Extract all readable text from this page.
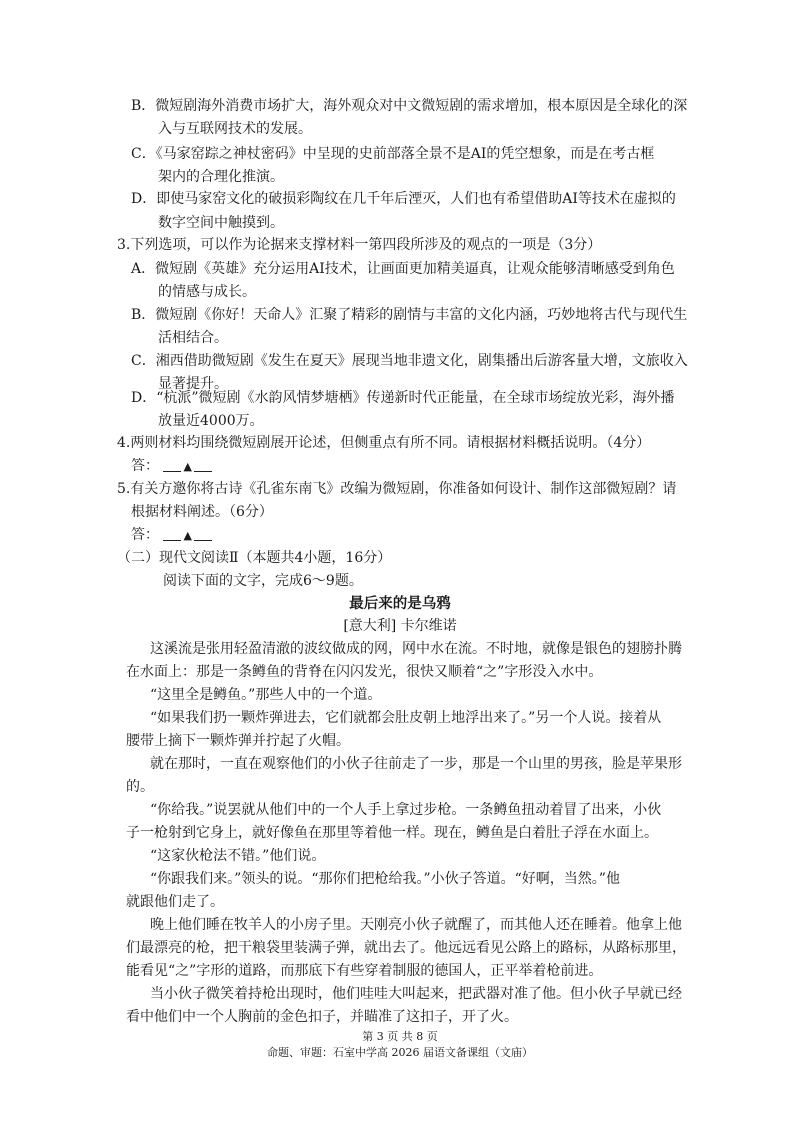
B．微短剧海外消费市场扩大，海外观众对中文微短剧的需求增加，根本原因是全球化的深
入与互联网技术的发展。
C．《马家窑踪之神杖密码》中呈现的史前部落全景不是AI的凭空想象，而是在考古框
架内的合理化推演。
D．即使马家窑文化的破损彩陶纹在几千年后湮灭，人们也有希望借助AI等技术在虚拟的
数字空间中触摸到。
3.下列选项，可以作为论据来支撑材料一第四段所涉及的观点的一项是（3分）
A．微短剧《英雄》充分运用AI技术，让画面更加精美逼真，让观众能够清晰感受到角色
的情感与成长。
B．微短剧《你好！天命人》汇聚了精彩的剧情与丰富的文化内涵，巧妙地将古代与现代生
活相结合。
C．湘西借助微短剧《发生在夏天》展现当地非遗文化，剧集播出后游客量大增，文旅收入
显著提升。
D．“杭派”微短剧《水韵风情梦塘栖》传递新时代正能量，在全球市场绽放光彩，海外播
放量近4000万。
4.两则材料均围绕微短剧展开论述，但侧重点有所不同。请根据材料概括说明。（4分）
答： ▲
5.有关方邀你将古诗《孔雀东南飞》改编为微短剧，你准备如何设计、制作这部微短剧？请
根据材料阐述。（6分）
答： ▲
（二）现代文阅读Ⅱ（本题共4小题，16分）
阅读下面的文字，完成6～9题。
最后来的是乌鸦
[意大利] 卡尔维诺
这溪流是张用轻盈清澈的波纹做成的网，网中水在流。不时地，就像是银色的翅膀扑腾
在水面上：那是一条鳟鱼的背脊在闪闪发光，很快又顺着“之”字形没入水中。
“这里全是鳟鱼。”那些人中的一个道。
“如果我们扔一颗炸弹进去，它们就都会肚皮朝上地浮出来了。”另一个人说。接着从
腰带上摘下一颗炸弹并拧起了火帽。
就在那时，一直在观察他们的小伙子往前走了一步，那是一个山里的男孩，脸是苹果形
的。
“你给我。”说罢就从他们中的一个人手上拿过步枪。一条鳟鱼扭动着冒了出来，小伙
子一枪射到它身上，就好像鱼在那里等着他一样。现在，鳟鱼是白着肚子浮在水面上。
“这家伙枪法不错。”他们说。
“你跟我们来。”领头的说。“那你们把枪给我。”小伙子答道。“好啊，当然。”他
就跟他们走了。
晚上他们睡在牧羊人的小房子里。天刚亮小伙子就醒了，而其他人还在睡着。他拿上他
们最漂亮的枪，把干粮袋里装满子弹，就出去了。他远远看见公路上的路标，从路标那里，
能看见“之”字形的道路，而那底下有些穿着制服的德国人，正平举着枪前进。
当小伙子微笑着持枪出现时，他们哇哇大叫起来，把武器对准了他。但小伙子早就已经
看中他们中一个人胸前的金色扣子，并瞄准了这扣子，开了火。
第 3 页 共 8 页
命题、审题：石室中学高 2026 届语文备课组（文庙）
